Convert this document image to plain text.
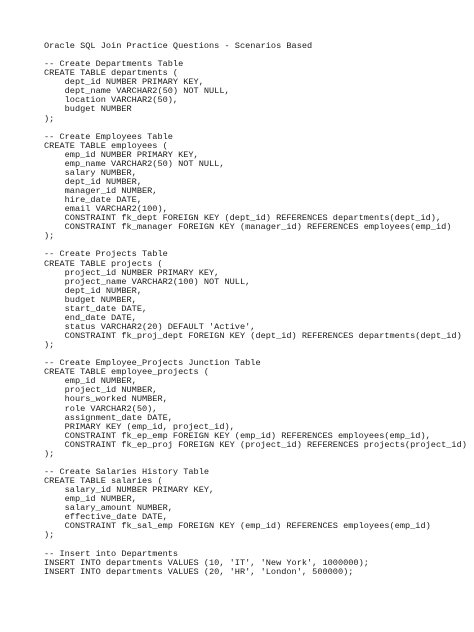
Oracle SQL Join Practice Questions - Scenarios Based
-- Create Departments Table
CREATE TABLE departments (
dept_id NUMBER PRIMARY KEY,
dept_name VARCHAR2(50) NOT NULL,
location VARCHAR2(50),
budget NUMBER
);
-- Create Employees Table
CREATE TABLE employees (
emp_id NUMBER PRIMARY KEY,
emp_name VARCHAR2(50) NOT NULL,
salary NUMBER,
dept_id NUMBER,
manager_id NUMBER,
hire_date DATE,
email VARCHAR2(100),
CONSTRAINT fk_dept FOREIGN KEY (dept_id) REFERENCES departments(dept_id),
CONSTRAINT fk_manager FOREIGN KEY (manager_id) REFERENCES employees(emp_id)
);
-- Create Projects Table
CREATE TABLE projects (
project_id NUMBER PRIMARY KEY,
project_name VARCHAR2(100) NOT NULL,
dept_id NUMBER,
budget NUMBER,
start_date DATE,
end_date DATE,
status VARCHAR2(20) DEFAULT 'Active',
CONSTRAINT fk_proj_dept FOREIGN KEY (dept_id) REFERENCES departments(dept_id)
);
-- Create Employee_Projects Junction Table
CREATE TABLE employee_projects (
emp_id NUMBER,
project_id NUMBER,
hours_worked NUMBER,
role VARCHAR2(50),
assignment_date DATE,
PRIMARY KEY (emp_id, project_id),
CONSTRAINT fk_ep_emp FOREIGN KEY (emp_id) REFERENCES employees(emp_id),
CONSTRAINT fk_ep_proj FOREIGN KEY (project_id) REFERENCES projects(project_id)
);
-- Create Salaries History Table
CREATE TABLE salaries (
salary_id NUMBER PRIMARY KEY,
emp_id NUMBER,
salary_amount NUMBER,
effective_date DATE,
CONSTRAINT fk_sal_emp FOREIGN KEY (emp_id) REFERENCES employees(emp_id)
);
-- Insert into Departments
INSERT INTO departments VALUES (10, 'IT', 'New York', 1000000);
INSERT INTO departments VALUES (20, 'HR', 'London', 500000);
